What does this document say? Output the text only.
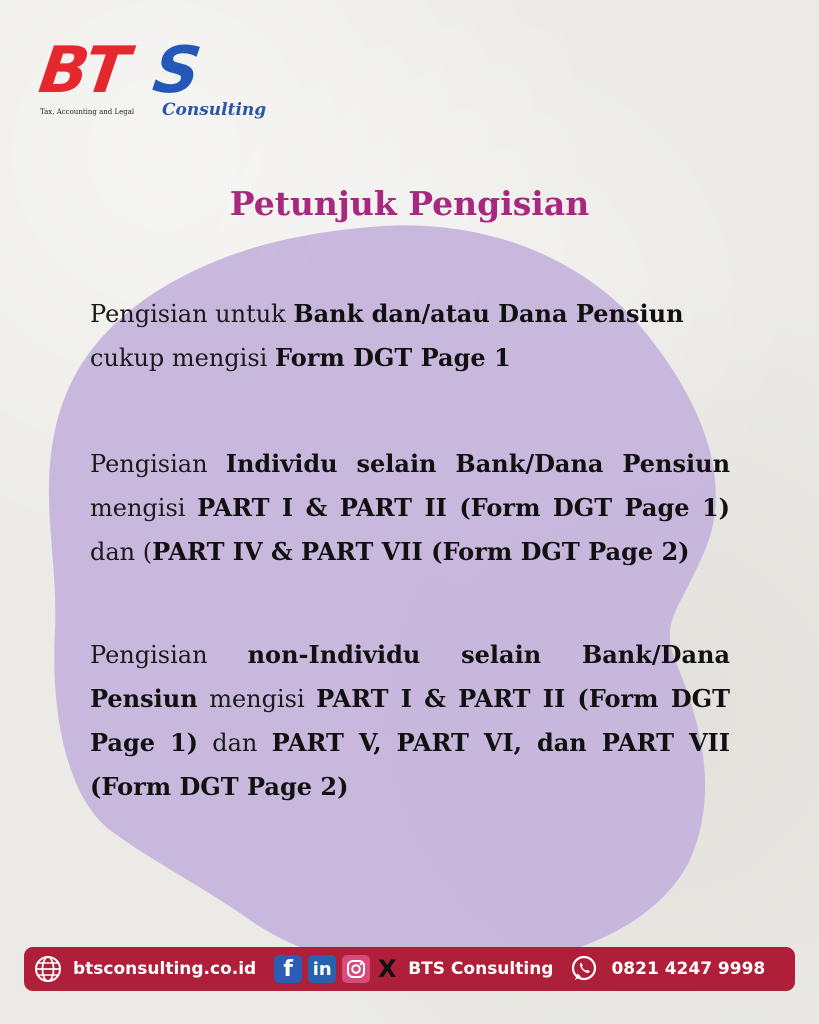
BT S
Tax, Accounting and Legal Consulting
Petunjuk Pengisian

Pengisian untuk Bank dan/atau Dana Pensiun cukup mengisi Form DGT Page 1

Pengisian Individu selain Bank/Dana Pensiun mengisi PART I & PART II (Form DGT Page 1) dan (PART IV & PART VII (Form DGT Page 2)

Pengisian non-Individu selain Bank/Dana Pensiun mengisi PART I & PART II (Form DGT Page 1) dan PART V, PART VI, dan PART VII (Form DGT Page 2)

btsconsulting.co.id	f	in X BTS Consulting	0821 4247 9998
